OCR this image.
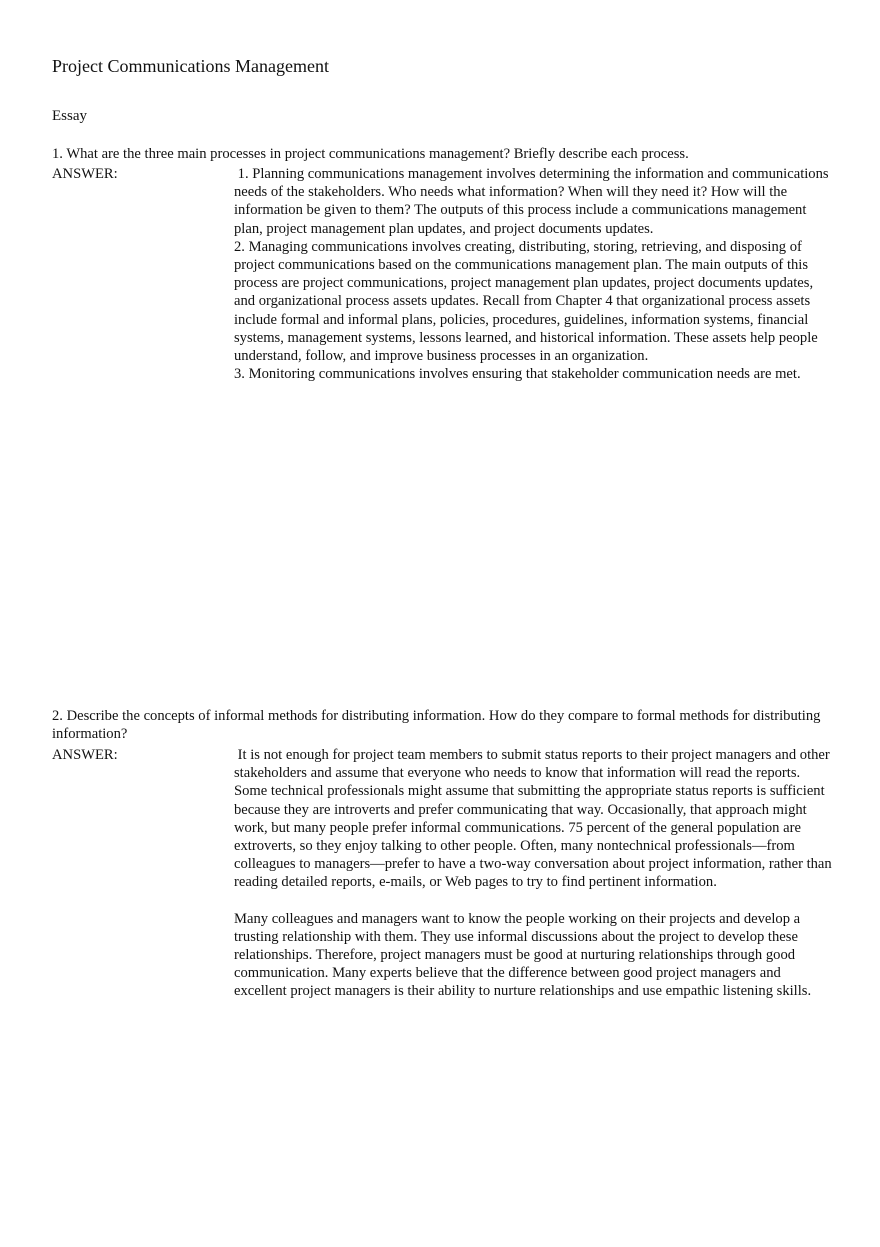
Project Communications Management
Essay
1. What are the three main processes in project communications management? Briefly describe each process.
ANSWER:	1. Planning communications management involves determining the information and communications needs of the stakeholders. Who needs what information? When will they need it? How will the information be given to them? The outputs of this process include a communications management plan, project management plan updates, and project documents updates.

2. Managing communications involves creating, distributing, storing, retrieving, and disposing of project communications based on the communications management plan. The main outputs of this process are project communications, project management plan updates, project documents updates, and organizational process assets updates. Recall from Chapter 4 that organizational process assets include formal and informal plans, policies, procedures, guidelines, information systems, financial systems, management systems, lessons learned, and historical information. These assets help people understand, follow, and improve business processes in an organization.

3. Monitoring communications involves ensuring that stakeholder communication needs are met.

2. Describe the concepts of informal methods for distributing information. How do they compare to formal methods for distributing information?
ANSWER:	It is not enough for project team members to submit status reports to their project managers and other stakeholders and assume that everyone who needs to know that information will read the reports. Some technical professionals might assume that submitting the appropriate status reports is sufficient because they are introverts and prefer communicating that way. Occasionally, that approach might work, but many people prefer informal communications. 75 percent of the general population are extroverts, so they enjoy talking to other people. Often, many nontechnical professionals—from colleagues to managers—prefer to have a two-way conversation about project information, rather than reading detailed reports, e-mails, or Web pages to try to find pertinent information.

Many colleagues and managers want to know the people working on their projects and develop a trusting relationship with them. They use informal discussions about the project to develop these relationships. Therefore, project managers must be good at nurturing relationships through good communication. Many experts believe that the difference between good project managers and excellent project managers is their ability to nurture relationships and use empathic listening skills.
